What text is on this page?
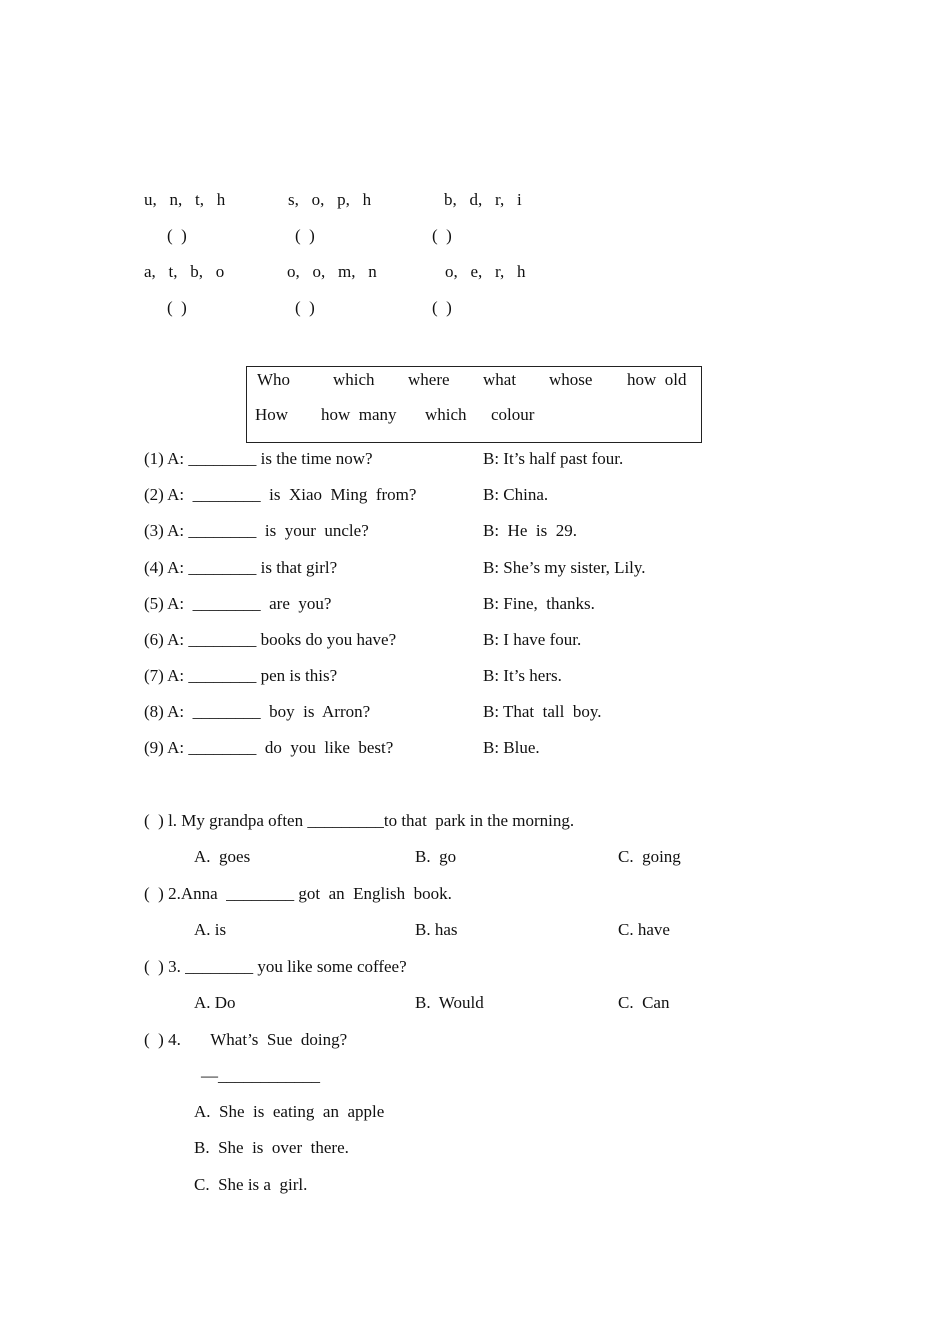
u,   n,   t,   h	s,   o,   p,   h	b,   d,   r,   i
(  )	(  )	(  )
a,   t,   b,   o	o,   o,   m,   n	o,   e,   r,   h
(  )	(  )	(  )
Who	which where what whose how  old
How how  many which colour
(1) A: ________ is the time now?	B: It’s half past four.
(2) A:  ________  is  Xiao  Ming  from?	B: China.
(3) A: ________  is  your  uncle?	B:  He  is  29.
(4) A: ________ is that girl?	B: She’s my sister, Lily.
(5) A:  ________  are  you?	B: Fine,  thanks.
(6) A: ________ books do you have?	B: I have four.
(7) A: ________ pen is this?	B: It’s hers.
(8) A:  ________  boy  is  Arron?	B: That  tall  boy.
(9) A: ________  do  you  like  best?	B: Blue.
(  ) l. My grandpa often _________to that  park in the morning.
A.  goes	B.  go	C.  going
(  ) 2.Anna  ________ got  an  English  book.
A. is	B. has	C. have
(  ) 3. ________ you like some coffee?
A. Do	B.  Would	C.  Can
(  ) 4.       What’s  Sue  doing?
—____________
A.  She  is  eating  an  apple
B.  She  is  over  there.
C.  She is a  girl.
